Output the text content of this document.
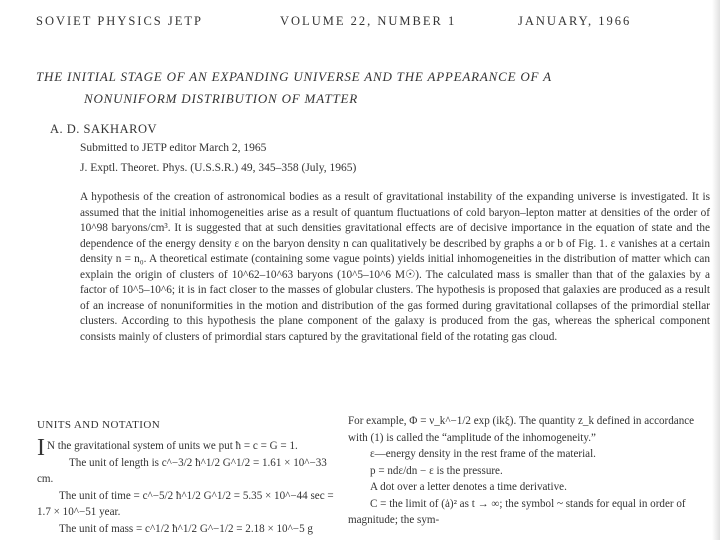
SOVIET PHYSICS JETP	VOLUME 22, NUMBER 1	JANUARY, 1966
THE INITIAL STAGE OF AN EXPANDING UNIVERSE AND THE APPEARANCE OF A
NONUNIFORM DISTRIBUTION OF MATTER
A. D. SAKHAROV
Submitted to JETP editor March 2, 1965
J. Exptl. Theoret. Phys. (U.S.S.R.) 49, 345–358 (July, 1965)

A hypothesis of the creation of astronomical bodies as a result of gravitational instability of the expanding universe is investigated. It is assumed that the initial inhomogeneities arise as a result of quantum fluctuations of cold baryon–lepton matter at densities of the order of 10^98 baryons/cm³. It is suggested that at such densities gravitational effects are of decisive importance in the equation of state and the dependence of the energy density ε on the baryon density n can qualitatively be described by graphs a or b of Fig. 1. ε vanishes at a certain density n = n₀. A theoretical estimate (containing some vague points) yields initial inhomogeneities in the distribution of matter which can explain the origin of clusters of 10^62–10^63 baryons (10^5–10^6 M☉). The calculated mass is smaller than that of the galaxies by a factor of 10^5–10^6; it is in fact closer to the masses of globular clusters. The hypothesis is proposed that galaxies are produced as a result of an increase of nonuniformities in the motion and distribution of the gas formed during gravitational collapses of the primordial stellar clusters. According to this hypothesis the plane component of the galaxy is produced from the gas, whereas the spherical component consists mainly of clusters of primordial stars captured by the gravitational field of the rotating gas cloud.

UNITS AND NOTATION

I N the gravitational system of units we put ħ = c = G = 1.

The unit of length is c^−3/2 ħ^1/2 G^1/2 = 1.61 × 10^−33 cm.

The unit of time = c^−5/2 ħ^1/2 G^1/2 = 5.35 × 10^−44 sec = 1.7 × 10^−51 year.

The unit of mass = c^1/2 ħ^1/2 G^−1/2 = 2.18 × 10^−5 g

For example, Φ = ν_k^−1/2 exp (ikξ). The quantity z_k defined in accordance with (1) is called the “amplitude of the inhomogeneity.”

ε—energy density in the rest frame of the material.

p = ndε/dn − ε is the pressure.

A dot over a letter denotes a time derivative.

C = the limit of (ȧ)² as t → ∞; the symbol ~ stands for equal in order of magnitude; the sym-
